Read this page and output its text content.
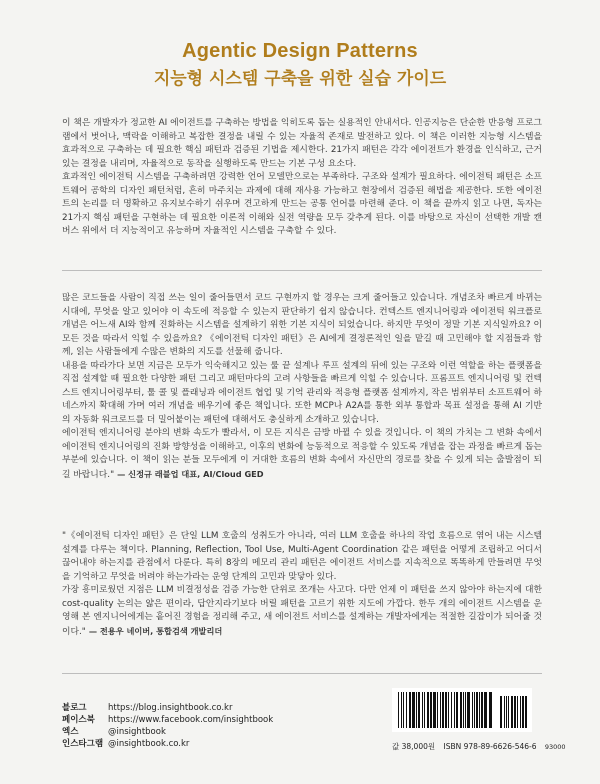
Agentic Design Patterns
지능형 시스템 구축을 위한 실습 가이드

이 책은 개발자가 정교한 AI 에이전트를 구축하는 방법을 익히도록 돕는 실용적인 안내서다. 인공지능은 단순한 반응형 프로그램에서 벗어나, 맥락을 이해하고 복잡한 결정을 내릴 수 있는 자율적 존재로 발전하고 있다. 이 책은 이러한 지능형 시스템을 효과적으로 구축하는 데 필요한 핵심 패턴과 검증된 기법을 제시한다. 21가지 패턴은 각각 에이전트가 환경을 인식하고, 근거 있는 결정을 내리며, 자율적으로 동작을 실행하도록 만드는 기본 구성 요소다.

효과적인 에이전틱 시스템을 구축하려면 강력한 언어 모델만으로는 부족하다. 구조와 설계가 필요하다. 에이전틱 패턴은 소프트웨어 공학의 디자인 패턴처럼, 흔히 마주치는 과제에 대해 재사용 가능하고 현장에서 검증된 해법을 제공한다. 또한 에이전트의 논리를 더 명확하고 유지보수하기 쉬우며 견고하게 만드는 공통 언어를 마련해 준다. 이 책을 끝까지 읽고 나면, 독자는 21가지 핵심 패턴을 구현하는 데 필요한 이론적 이해와 실전 역량을 모두 갖추게 된다. 이를 바탕으로 자신이 선택한 개발 캔버스 위에서 더 지능적이고 유능하며 자율적인 시스템을 구축할 수 있다.

많은 코드들을 사람이 직접 쓰는 일이 줄어들면서 코드 구현까지 할 경우는 크게 줄어들고 있습니다. 개념조차 빠르게 바뀌는 시대에, 무엇을 알고 있어야 이 속도에 적응할 수 있는지 판단하기 쉽지 않습니다. 컨텍스트 엔지니어링과 에이전틱 워크플로 개념은 어느새 AI와 함께 진화하는 시스템을 설계하기 위한 기본 지식이 되었습니다. 하지만 무엇이 정말 기본 지식일까요? 이 모든 것을 따라서 익힐 수 있을까요? 《에이전틱 디자인 패턴》은 AI에게 결정론적인 일을 맡길 때 고민해야 할 지점들과 함께, 읽는 사람들에게 수많은 변화의 지도를 선물해 줍니다.

내용을 따라가다 보면 지금은 모두가 익숙해지고 있는 룰 끝 설계나 루프 설계의 뒤에 있는 구조와 이런 역할을 하는 플랫폼을 직접 설계할 때 필요한 다양한 패턴 그리고 패턴마다의 고려 사항들을 빠르게 익힐 수 있습니다. 프롬프트 엔지니어링 및 컨텍스트 엔지니어링부터, 툴 콜 및 플래닝과 에이전트 협업 및 기억 관리와 적응형 플랫폼 설계까지, 작은 범위부터 소프트웨어 하네스까지 확대해 가며 여러 개념을 배우기에 좋은 책입니다. 또한 MCP나 A2A를 통한 외부 통합과 목표 설정을 통해 AI 기반의 자동화 워크로드를 더 밀어붙이는 패턴에 대해서도 충실하게 소개하고 있습니다.

에이전틱 엔지니어링 분야의 변화 속도가 빨라서, 이 모든 지식은 금방 바뀔 수 있을 것입니다. 이 책의 가치는 그 변화 속에서 에이전틱 엔지니어링의 진화 방향성을 이해하고, 이후의 변화에 능동적으로 적응할 수 있도록 개념을 잡는 과정을 빠르게 돕는 부분에 있습니다. 이 책이 읽는 분들 모두에게 이 거대한 흐름의 변화 속에서 자신만의 경로를 찾을 수 있게 되는 출발점이 되길 바랍니다." — 신정규 래블업 대표, AI/Cloud GED

"《에이전틱 디자인 패턴》은 단일 LLM 호출의 성취도가 아니라, 여러 LLM 호출을 하나의 작업 흐름으로 엮어 내는 시스템 설계를 다루는 책이다. Planning, Reflection, Tool Use, Multi-Agent Coordination 같은 패턴을 어떻게 조립하고 어디서 끊어내야 하는지를 관점에서 다룬다. 특히 8장의 메모리 관리 패턴은 에이전트 서비스를 지속적으로 똑똑하게 만들려면 무엇을 기억하고 무엇을 버려야 하는가라는 운영 단계의 고민과 맞닿아 있다.

가장 흥미로웠던 지점은 LLM 비결정성을 검증 가능한 단위로 쪼개는 사고다. 다만 언제 이 패턴을 쓰지 않아야 하는지에 대한 cost-quality 논의는 얇은 편이라, 답안지라기보다 버릴 패턴을 고르기 위한 지도에 가깝다. 한두 개의 에이전트 시스템을 운영해 본 엔지니어에게는 흩어진 경험을 정리해 주고, 새 에이전트 서비스를 설계하는 개발자에게는 적절한 길잡이가 되어줄 것이다." — 전용우 네이버, 통합검색 개발리더

블로그	https://blog.insightbook.co.kr
페이스북	https://www.facebook.com/insightbook
엑스	@insightbook
인스타그램 @insightbook.co.kr	값 38,000원 ISBN 978-89-6626-546-6 93000
